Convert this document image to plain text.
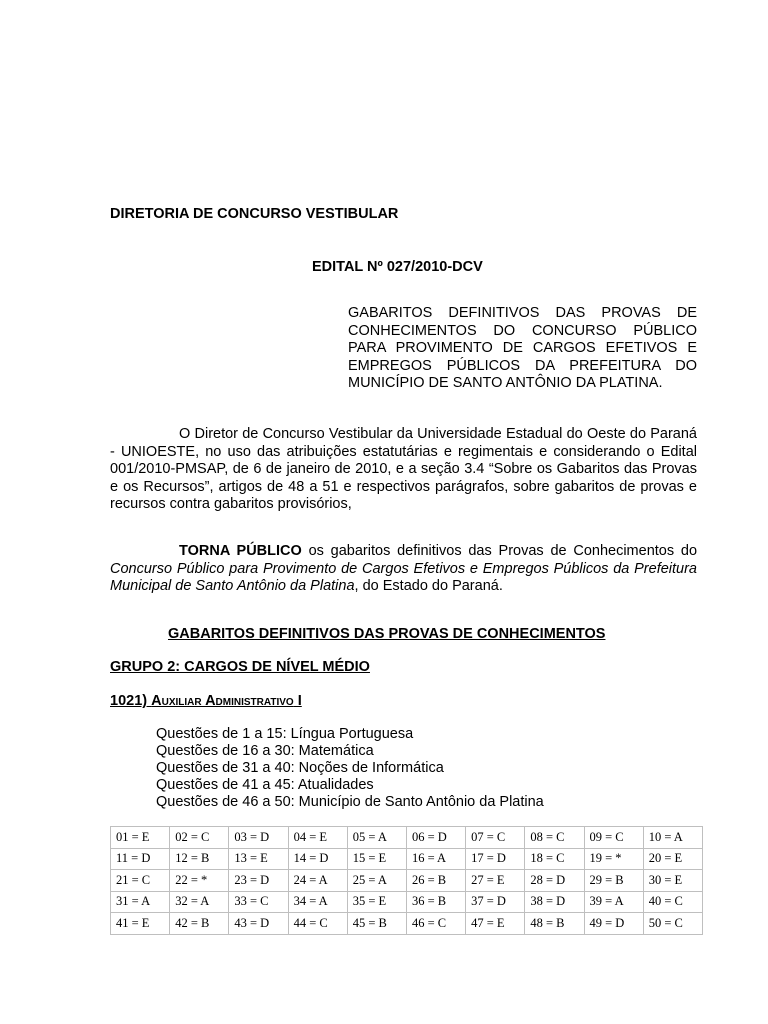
DIRETORIA DE CONCURSO VESTIBULAR
EDITAL Nº 027/2010-DCV
GABARITOS DEFINITIVOS DAS PROVAS DE CONHECIMENTOS DO CONCURSO PÚBLICO PARA PROVIMENTO DE CARGOS EFETIVOS E EMPREGOS PÚBLICOS DA PREFEITURA DO MUNICÍPIO DE SANTO ANTÔNIO DA PLATINA.
O Diretor de Concurso Vestibular da Universidade Estadual do Oeste do Paraná - UNIOESTE, no uso das atribuições estatutárias e regimentais e considerando o Edital 001/2010-PMSAP, de 6 de janeiro de 2010, e a seção 3.4 “Sobre os Gabaritos das Provas e os Recursos”, artigos de 48 a 51 e respectivos parágrafos, sobre gabaritos de provas e recursos contra gabaritos provisórios,
TORNA PÚBLICO os gabaritos definitivos das Provas de Conhecimentos do Concurso Público para Provimento de Cargos Efetivos e Empregos Públicos da Prefeitura Municipal de Santo Antônio da Platina, do Estado do Paraná.
GABARITOS DEFINITIVOS DAS PROVAS DE CONHECIMENTOS
GRUPO 2: CARGOS DE NÍVEL MÉDIO
1021) Auxiliar Administrativo I
Questões de 1 a 15: Língua Portuguesa
Questões de 16 a 30: Matemática
Questões de 31 a 40: Noções de Informática
Questões de 41 a 45: Atualidades
Questões de 46 a 50: Município de Santo Antônio da Platina
01 = E	02 = C	03 = D	04 = E	05 = A	06 = D	07 = C	08 = C	09 = C	10 = A
11 = D	12 = B	13 = E	14 = D	15 = E	16 = A	17 = D	18 = C	19 = *	20 = E
21 = C	22 = *	23 = D	24 = A	25 = A	26 = B	27 = E	28 = D	29 = B	30 = E
31 = A	32 = A	33 = C	34 = A	35 = E	36 = B	37 = D	38 = D	39 = A	40 = C
41 = E	42 = B	43 = D	44 = C	45 = B	46 = C	47 = E	48 = B	49 = D	50 = C
